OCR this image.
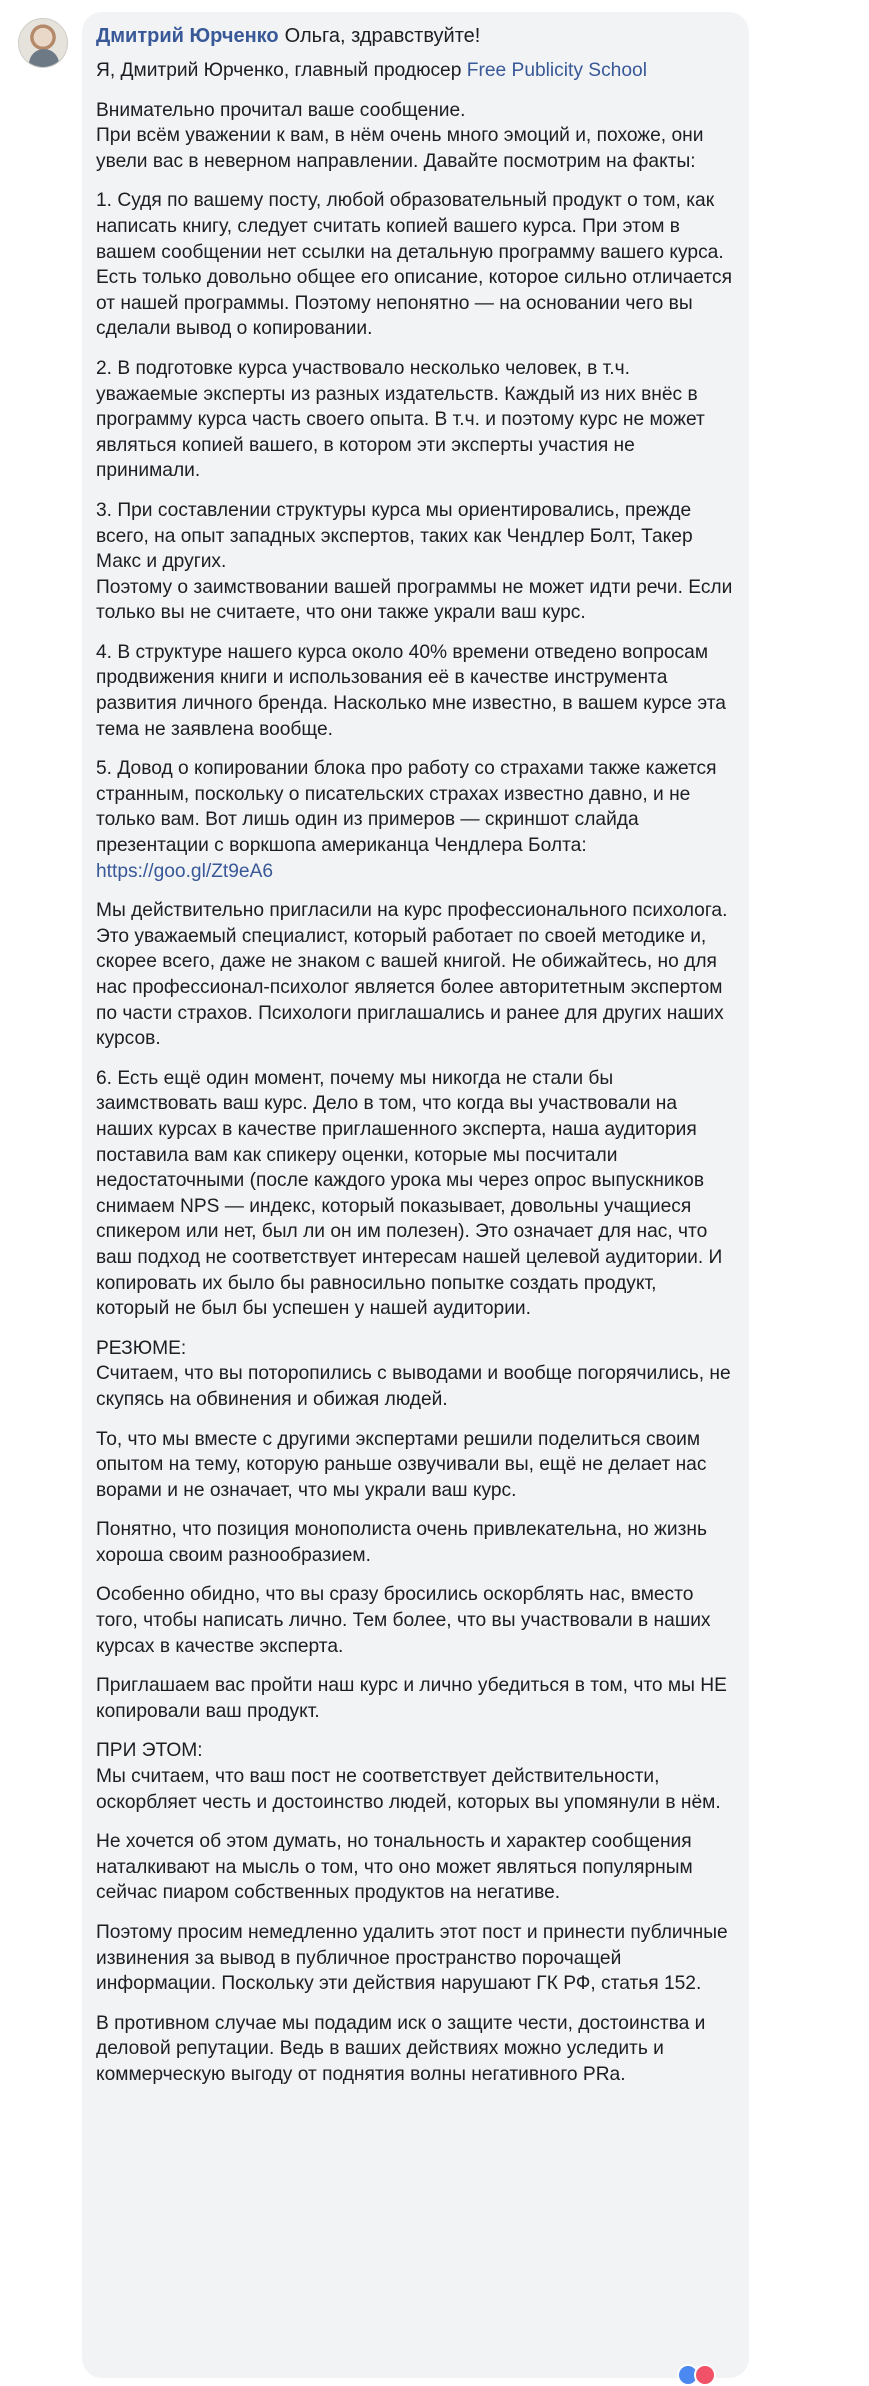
Дмитрий Юрченко Ольга, здравствуйте!

Я, Дмитрий Юрченко, главный продюсер Free Publicity School

Внимательно прочитал ваше сообщение.
При всём уважении к вам, в нём очень много эмоций и, похоже, они увели вас в неверном направлении. Давайте посмотрим на факты:

1. Судя по вашему посту, любой образовательный продукт о том, как написать книгу, следует считать копией вашего курса. При этом в вашем сообщении нет ссылки на детальную программу вашего курса. Есть только довольно общее его описание, которое сильно отличается от нашей программы. Поэтому непонятно — на основании чего вы сделали вывод о копировании.

2. В подготовке курса участвовало несколько человек, в т.ч. уважаемые эксперты из разных издательств. Каждый из них внёс в программу курса часть своего опыта. В т.ч. и поэтому курс не может являться копией вашего, в котором эти эксперты участия не принимали.

3. При составлении структуры курса мы ориентировались, прежде всего, на опыт западных экспертов, таких как Чендлер Болт, Такер Макс и других.
Поэтому о заимствовании вашей программы не может идти речи. Если только вы не считаете, что они также украли ваш курс.

4. В структуре нашего курса около 40% времени отведено вопросам продвижения книги и использования её в качестве инструмента развития личного бренда. Насколько мне известно, в вашем курсе эта тема не заявлена вообще.

5. Довод о копировании блока про работу со страхами также кажется странным, поскольку о писательских страхах известно давно, и не только вам. Вот лишь один из примеров — скриншот слайда презентации с воркшопа американца Чендлера Болта: https://goo.gl/Zt9eA6

Мы действительно пригласили на курс профессионального психолога. Это уважаемый специалист, который работает по своей методике и, скорее всего, даже не знаком с вашей книгой. Не обижайтесь, но для нас профессионал-психолог является более авторитетным экспертом по части страхов. Психологи приглашались и ранее для других наших курсов.

6. Есть ещё один момент, почему мы никогда не стали бы заимствовать ваш курс. Дело в том, что когда вы участвовали на наших курсах в качестве приглашенного эксперта, наша аудитория поставила вам как спикеру оценки, которые мы посчитали недостаточными (после каждого урока мы через опрос выпускников снимаем NPS — индекс, который показывает, довольны учащиеся спикером или нет, был ли он им полезен). Это означает для нас, что ваш подход не соответствует интересам нашей целевой аудитории. И копировать их было бы равносильно попытке создать продукт, который не был бы успешен у нашей аудитории.

РЕЗЮМЕ:
Считаем, что вы поторопились с выводами и вообще погорячились, не скупясь на обвинения и обижая людей.

То, что мы вместе с другими экспертами решили поделиться своим опытом на тему, которую раньше озвучивали вы, ещё не делает нас ворами и не означает, что мы украли ваш курс.

Понятно, что позиция монополиста очень привлекательна, но жизнь хороша своим разнообразием.

Особенно обидно, что вы сразу бросились оскорблять нас, вместо того, чтобы написать лично. Тем более, что вы участвовали в наших курсах в качестве эксперта.

Приглашаем вас пройти наш курс и лично убедиться в том, что мы НЕ копировали ваш продукт.

ПРИ ЭТОМ:
Мы считаем, что ваш пост не соответствует действительности, оскорбляет честь и достоинство людей, которых вы упомянули в нём.

Не хочется об этом думать, но тональность и характер сообщения наталкивают на мысль о том, что оно может являться популярным сейчас пиаром собственных продуктов на негативе.

Поэтому просим немедленно удалить этот пост и принести публичные извинения за вывод в публичное пространство порочащей информации. Поскольку эти действия нарушают ГК РФ, статья 152.

В противном случае мы подадим иск о защите чести, достоинства и деловой репутации. Ведь в ваших действиях можно уследить и коммерческую выгоду от поднятия волны негативного PRа.
